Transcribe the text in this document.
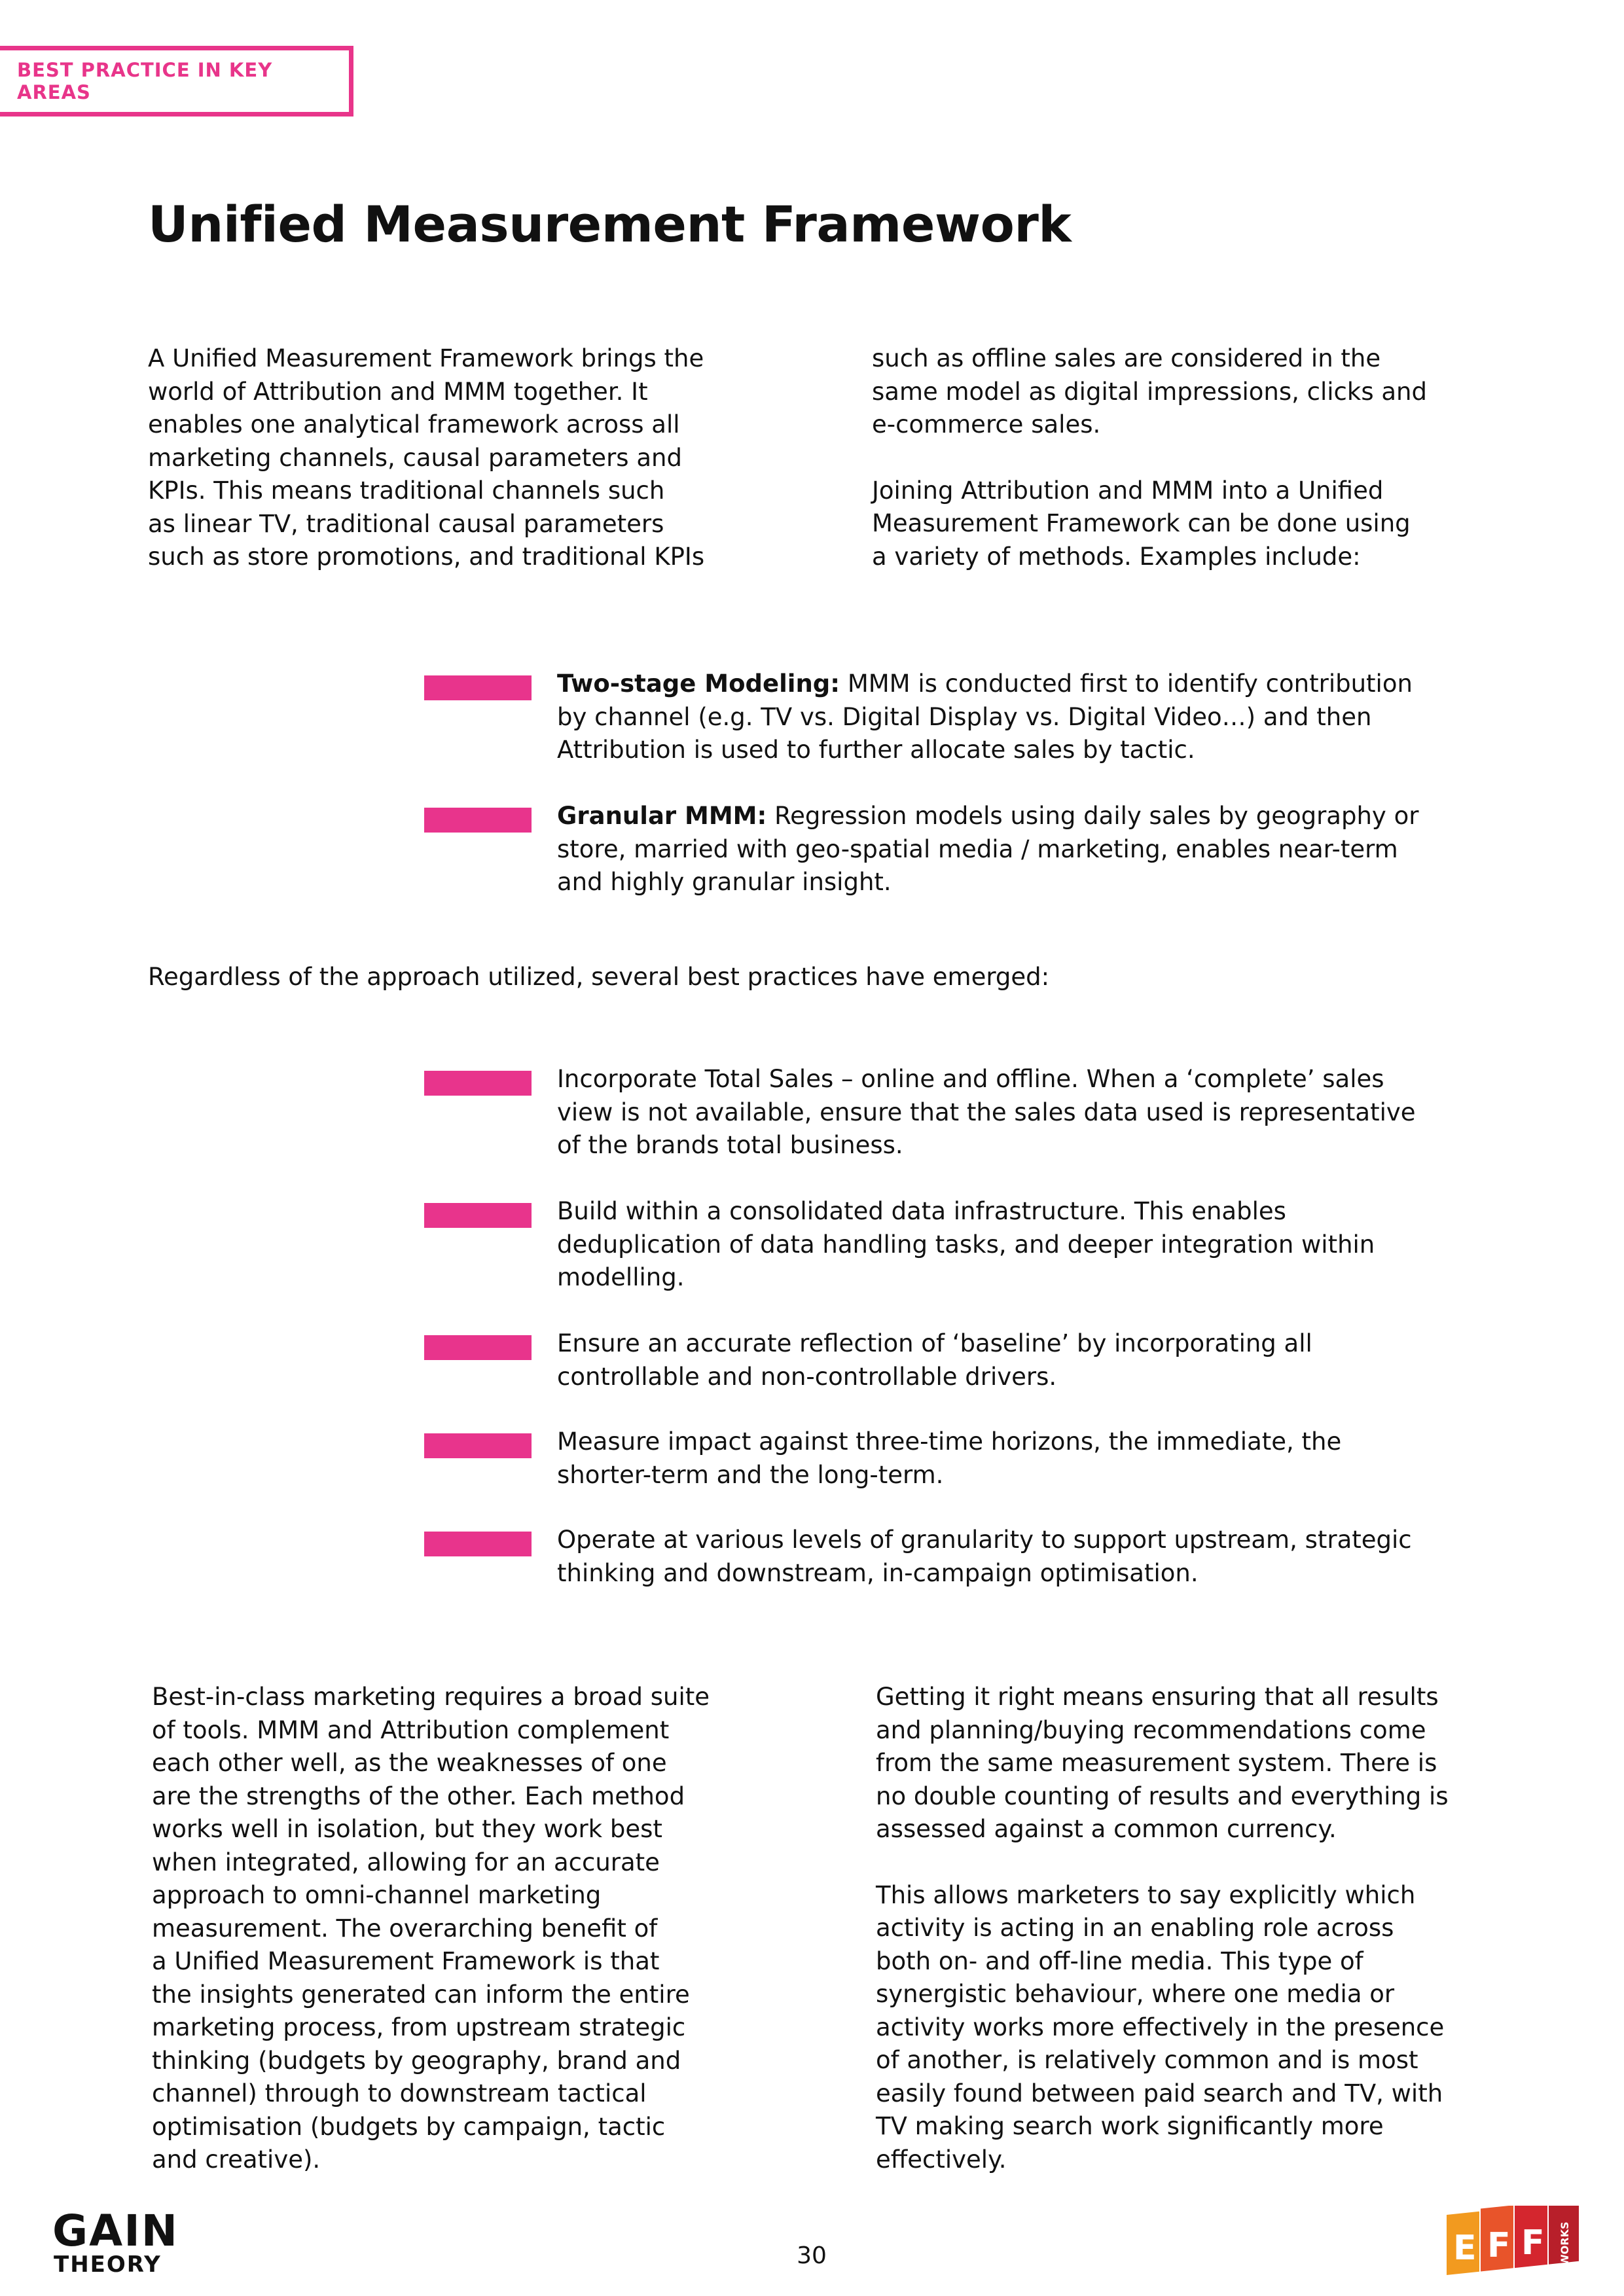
BEST PRACTICE IN KEY AREAS
Unified Measurement Framework

A Unified Measurement Framework brings the
world of Attribution and MMM together. It
enables one analytical framework across all
marketing channels, causal parameters and
KPIs. This means traditional channels such
as linear TV, traditional causal parameters
such as store promotions, and traditional KPIs

such as offline sales are considered in the
same model as digital impressions, clicks and
e-commerce sales.

Joining Attribution and MMM into a Unified
Measurement Framework can be done using
a variety of methods. Examples include:

Two-stage Modeling: MMM is conducted first to identify contribution
by channel (e.g. TV vs. Digital Display vs. Digital Video…) and then
Attribution is used to further allocate sales by tactic.
Granular MMM: Regression models using daily sales by geography or
store, married with geo-spatial media / marketing, enables near-term
and highly granular insight.

Regardless of the approach utilized, several best practices have emerged:

Incorporate Total Sales – online and offline. When a ‘complete’ sales
view is not available, ensure that the sales data used is representative
of the brands total business.
Build within a consolidated data infrastructure. This enables
deduplication of data handling tasks, and deeper integration within
modelling.
Ensure an accurate reflection of ‘baseline’ by incorporating all
controllable and non-controllable drivers.
Measure impact against three-time horizons, the immediate, the
shorter-term and the long-term.
Operate at various levels of granularity to support upstream, strategic
thinking and downstream, in-campaign optimisation.

Best-in-class marketing requires a broad suite
of tools. MMM and Attribution complement
each other well, as the weaknesses of one
are the strengths of the other. Each method
works well in isolation, but they work best
when integrated, allowing for an accurate
approach to omni-channel marketing
measurement. The overarching benefit of
a Unified Measurement Framework is that
the insights generated can inform the entire
marketing process, from upstream strategic
thinking (budgets by geography, brand and
channel) through to downstream tactical
optimisation (budgets by campaign, tactic
and creative).

Getting it right means ensuring that all results
and planning/buying recommendations come
from the same measurement system. There is
no double counting of results and everything is
assessed against a common currency.

This allows marketers to say explicitly which
activity is acting in an enabling role across
both on- and off-line media. This type of
synergistic behaviour, where one media or
activity works more effectively in the presence
of another, is relatively common and is most
easily found between paid search and TV, with
TV making search work significantly more
effectively.

GAIN
THEORY	30	E F F WORKS
